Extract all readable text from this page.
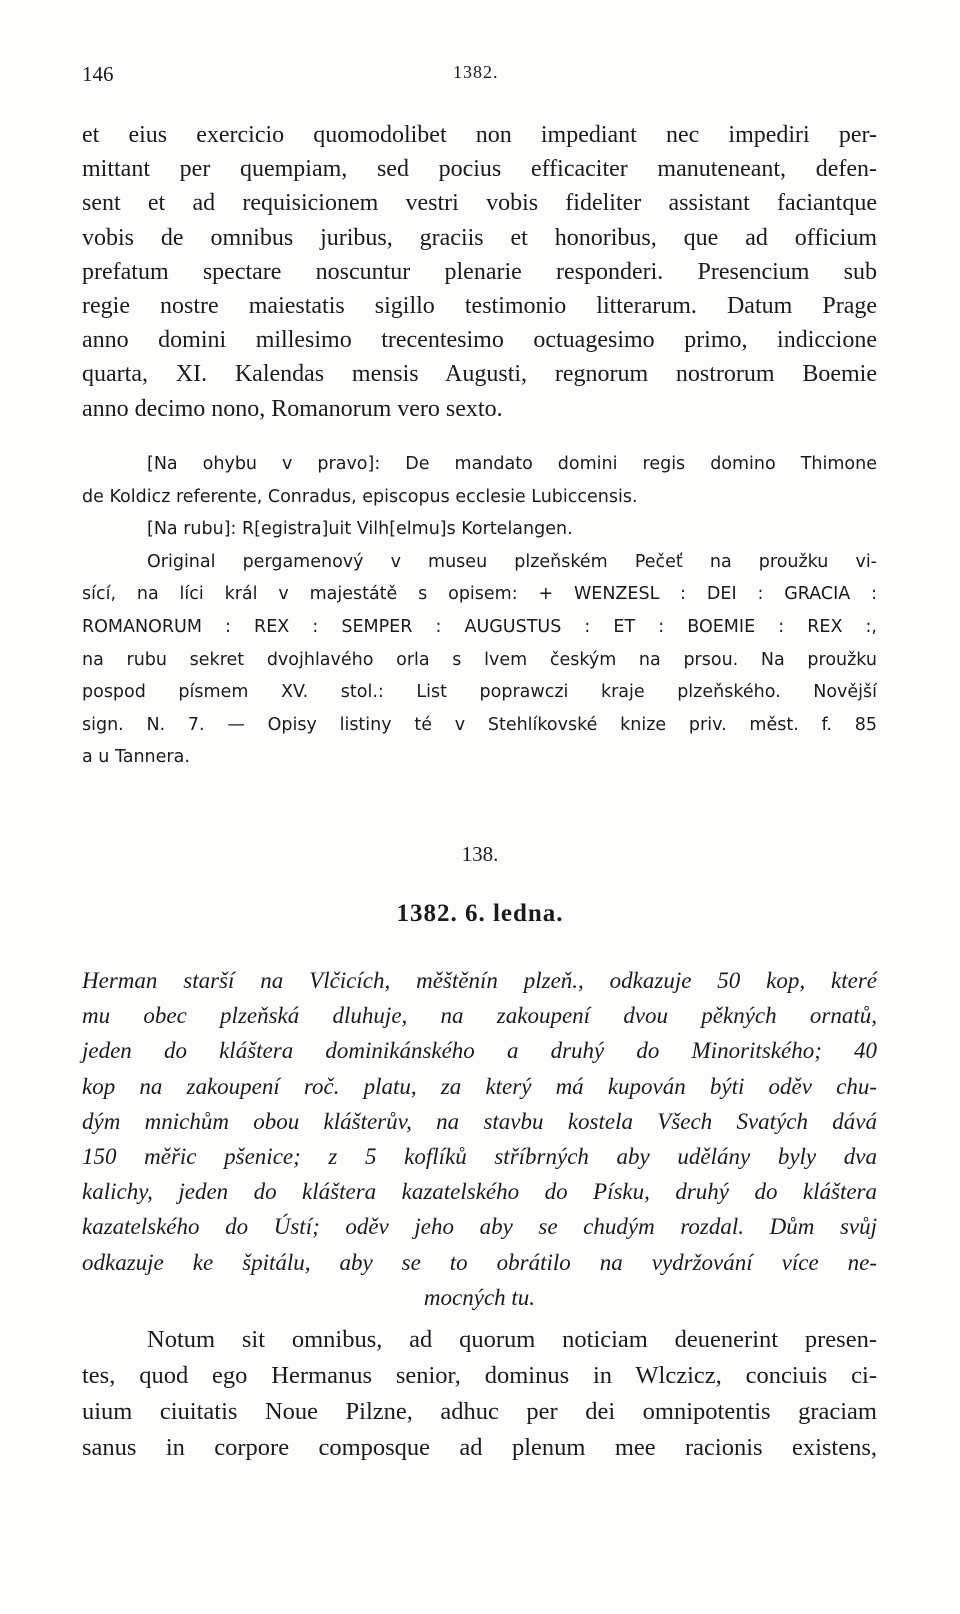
146	1382.
et eius exercicio quomodolibet non impediant nec impediri per-
mittant per quempiam, sed pocius efficaciter manuteneant, defen-
sent et ad requisicionem vestri vobis fideliter assistant faciantque
vobis de omnibus juribus, graciis et honoribus, que ad officium
prefatum spectare noscuntur plenarie responderi. Presencium sub
regie nostre maiestatis sigillo testimonio litterarum. Datum Prage
anno domini millesimo trecentesimo octuagesimo primo, indiccione
quarta, XI. Kalendas mensis Augusti, regnorum nostrorum Boemie
anno decimo nono, Romanorum vero sexto.
[Na ohybu v pravo]: De mandato domini regis domino Thimone
de Koldicz referente, Conradus, episcopus ecclesie Lubiccensis.
[Na rubu]: R[egistra]uit Vilh[elmu]s Kortelangen.
Original pergamenový v museu plzeňském Pečeť na proužku vi-
sící, na líci král v majestátě s opisem: + WENZESL : DEI : GRACIA :
ROMANORUM : REX : SEMPER : AUGUSTUS : ET : BOEMIE : REX :,
na rubu sekret dvojhlavého orla s lvem českým na prsou. Na proužku
pospod písmem XV. stol.: List poprawczi kraje plzeňského. Novější
sign. N. 7. — Opisy listiny té v Stehlíkovské knize priv. měst. f. 85
a u Tannera.
138.
1382. 6. ledna.
Herman starší na Vlčicích, měštěnín plzeň., odkazuje 50 kop, které
mu obec plzeňská dluhuje, na zakoupení dvou pěkných ornatů,
jeden do kláštera dominikánského a druhý do Minoritského; 40
kop na zakoupení roč. platu, za který má kupován býti oděv chu-
dým mnichům obou klášterův, na stavbu kostela Všech Svatých dává
150 měřic pšenice; z 5 koflíků stříbrných aby udělány byly dva
kalichy, jeden do kláštera kazatelského do Písku, druhý do kláštera
kazatelského do Ústí; oděv jeho aby se chudým rozdal. Dům svůj
odkazuje ke špitálu, aby se to obrátilo na vydržování více ne-
mocných tu.
Notum sit omnibus, ad quorum noticiam deuenerint presen-
tes, quod ego Hermanus senior, dominus in Wlczicz, conciuis ci-
uium ciuitatis Noue Pilzne, adhuc per dei omnipotentis graciam
sanus in corpore composque ad plenum mee racionis existens,
